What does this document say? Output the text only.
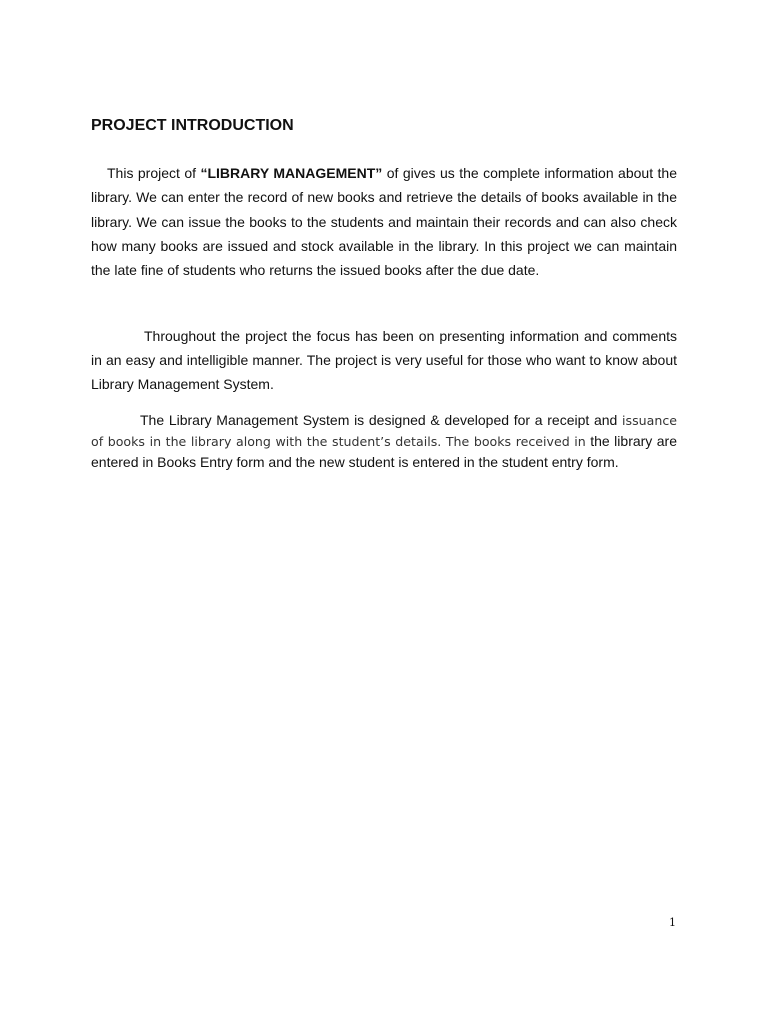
PROJECT INTRODUCTION

This project of “LIBRARY MANAGEMENT” of gives us the complete information about the library. We can enter the record of new books and retrieve the details of books available in the library. We can issue the books to the students and maintain their records and can also check how many books are issued and stock available in the library. In this project we can maintain the late fine of students who returns the issued books after the due date.

Throughout the project the focus has been on presenting information and comments in an easy and intelligible manner. The project is very useful for those who want to know about Library Management System.

The Library Management System is designed & developed for a receipt and issuance of books in the library along with the student’s details. The books received in the library are entered in Books Entry form and the new student is entered in the student entry form.

1
